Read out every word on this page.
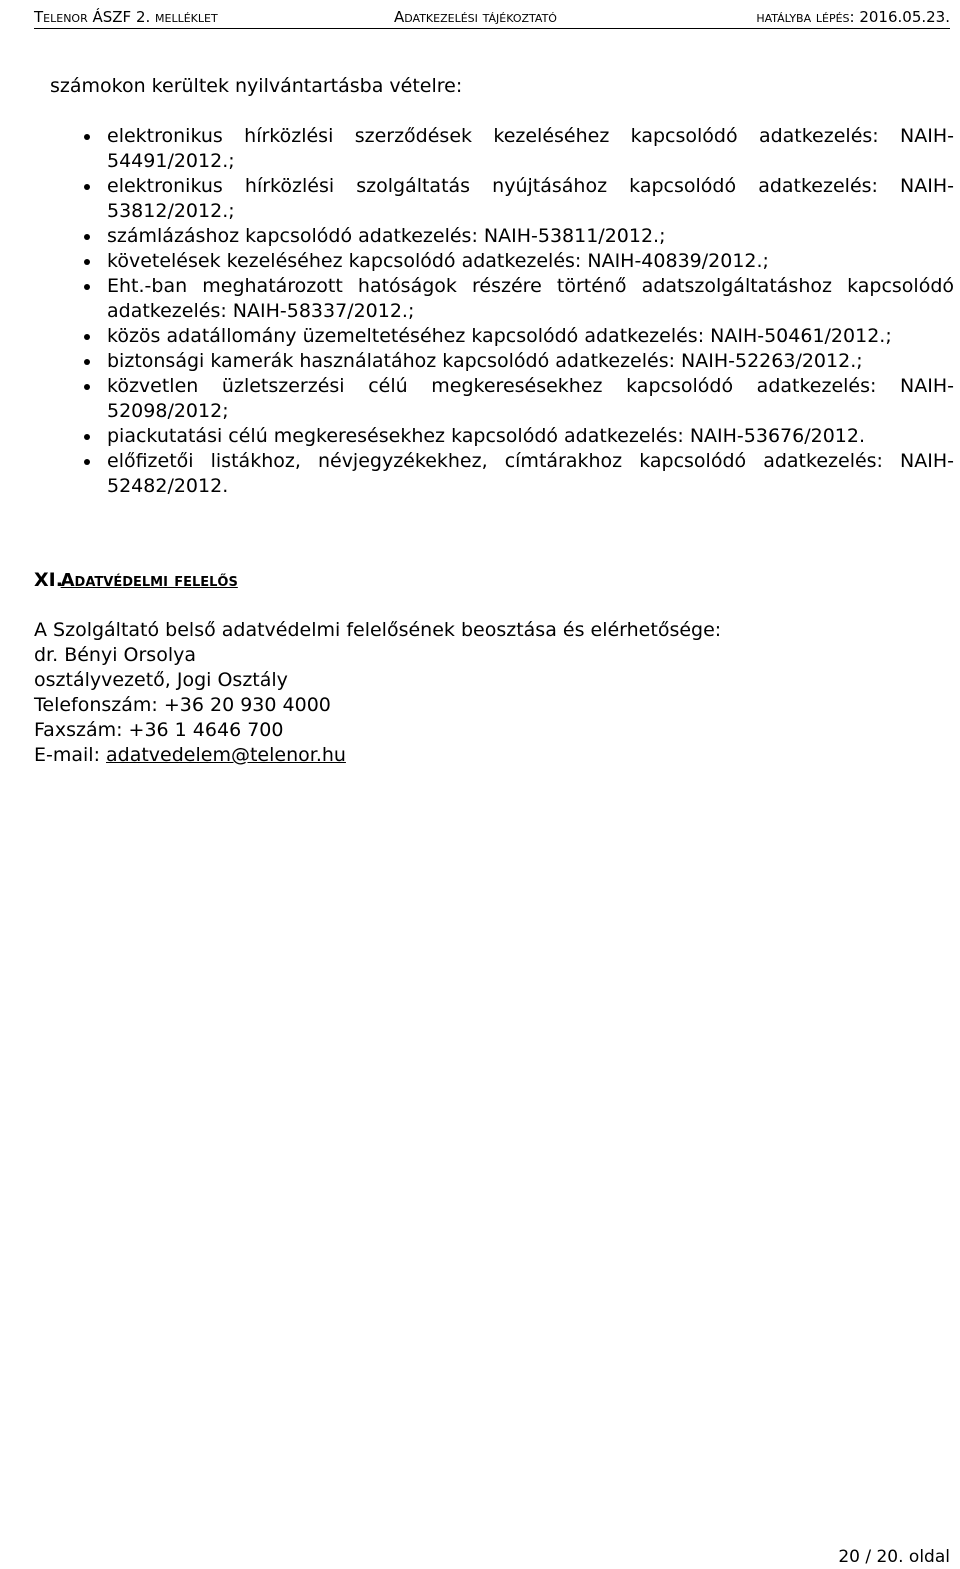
Telenor ÁSZF 2. melléklet	Adatkezelési tájékoztató	hatályba lépés: 2016.05.23.
számokon kerültek nyilvántartásba vételre:
elektronikus hírközlési szerződések kezeléséhez kapcsolódó adatkezelés: NAIH-54491/2012.;
elektronikus hírközlési szolgáltatás nyújtásához kapcsolódó adatkezelés: NAIH-53812/2012.;
számlázáshoz kapcsolódó adatkezelés: NAIH-53811/2012.;
követelések kezeléséhez kapcsolódó adatkezelés: NAIH-40839/2012.;
Eht.-ban meghatározott hatóságok részére történő adatszolgáltatáshoz kapcsolódó adatkezelés: NAIH-58337/2012.;
közös adatállomány üzemeltetéséhez kapcsolódó adatkezelés: NAIH-50461/2012.;
biztonsági kamerák használatához kapcsolódó adatkezelés: NAIH-52263/2012.;
közvetlen üzletszerzési célú megkeresésekhez kapcsolódó adatkezelés: NAIH-52098/2012;
piackutatási célú megkeresésekhez kapcsolódó adatkezelés: NAIH-53676/2012.
előfizetői listákhoz, névjegyzékekhez, címtárakhoz kapcsolódó adatkezelés: NAIH-52482/2012.
XI. Adatvédelmi felelős
A Szolgáltató belső adatvédelmi felelősének beosztása és elérhetősége:
dr. Bényi Orsolya
osztályvezető, Jogi Osztály
Telefonszám: +36 20 930 4000
Faxszám: +36 1 4646 700
E-mail: adatvedelem@telenor.hu
20 / 20. oldal
